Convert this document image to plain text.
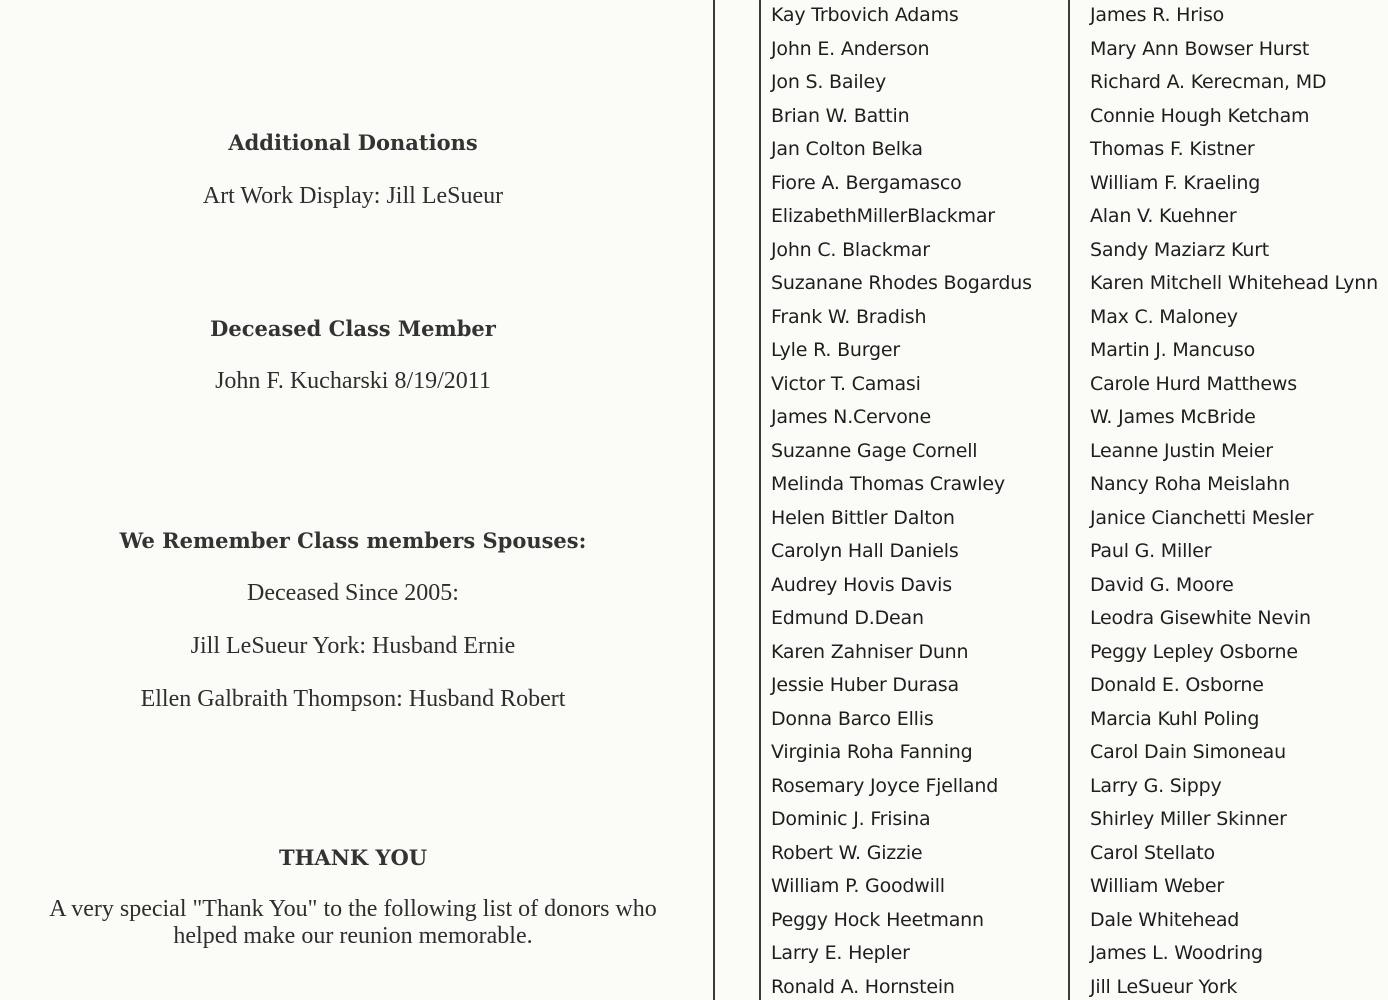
Additional Donations
Art Work Display: Jill LeSueur
Deceased Class Member
John F. Kucharski 8/19/2011
We Remember Class members Spouses:
Deceased Since 2005:
Jill LeSueur York: Husband Ernie
Ellen Galbraith Thompson: Husband Robert
THANK YOU
A very special "Thank You" to the following list of donors who
helped make our reunion memorable.
Kay Trbovich Adams
John E. Anderson
Jon S. Bailey
Brian W. Battin
Jan Colton Belka
Fiore A. Bergamasco
ElizabethMillerBlackmar
John C. Blackmar
Suzanane Rhodes Bogardus
Frank W. Bradish
Lyle R. Burger
Victor T. Camasi
James N.Cervone
Suzanne Gage Cornell
Melinda Thomas Crawley
Helen Bittler Dalton
Carolyn Hall Daniels
Audrey Hovis Davis
Edmund D.Dean
Karen Zahniser Dunn
Jessie Huber Durasa
Donna Barco Ellis
Virginia Roha Fanning
Rosemary Joyce Fjelland
Dominic J. Frisina
Robert W. Gizzie
William P. Goodwill
Peggy Hock Heetmann
Larry E. Hepler
Ronald A. Hornstein
James R. Hriso
Mary Ann Bowser Hurst
Richard A. Kerecman, MD
Connie Hough Ketcham
Thomas F. Kistner
William F. Kraeling
Alan V. Kuehner
Sandy Maziarz Kurt
Karen Mitchell Whitehead Lynn
Max C. Maloney
Martin J. Mancuso
Carole Hurd Matthews
W. James McBride
Leanne Justin Meier
Nancy Roha Meislahn
Janice Cianchetti Mesler
Paul G. Miller
David G. Moore
Leodra Gisewhite Nevin
Peggy Lepley Osborne
Donald E. Osborne
Marcia Kuhl Poling
Carol Dain Simoneau
Larry G. Sippy
Shirley Miller Skinner
Carol Stellato
William Weber
Dale Whitehead
James L. Woodring
Jill LeSueur York
